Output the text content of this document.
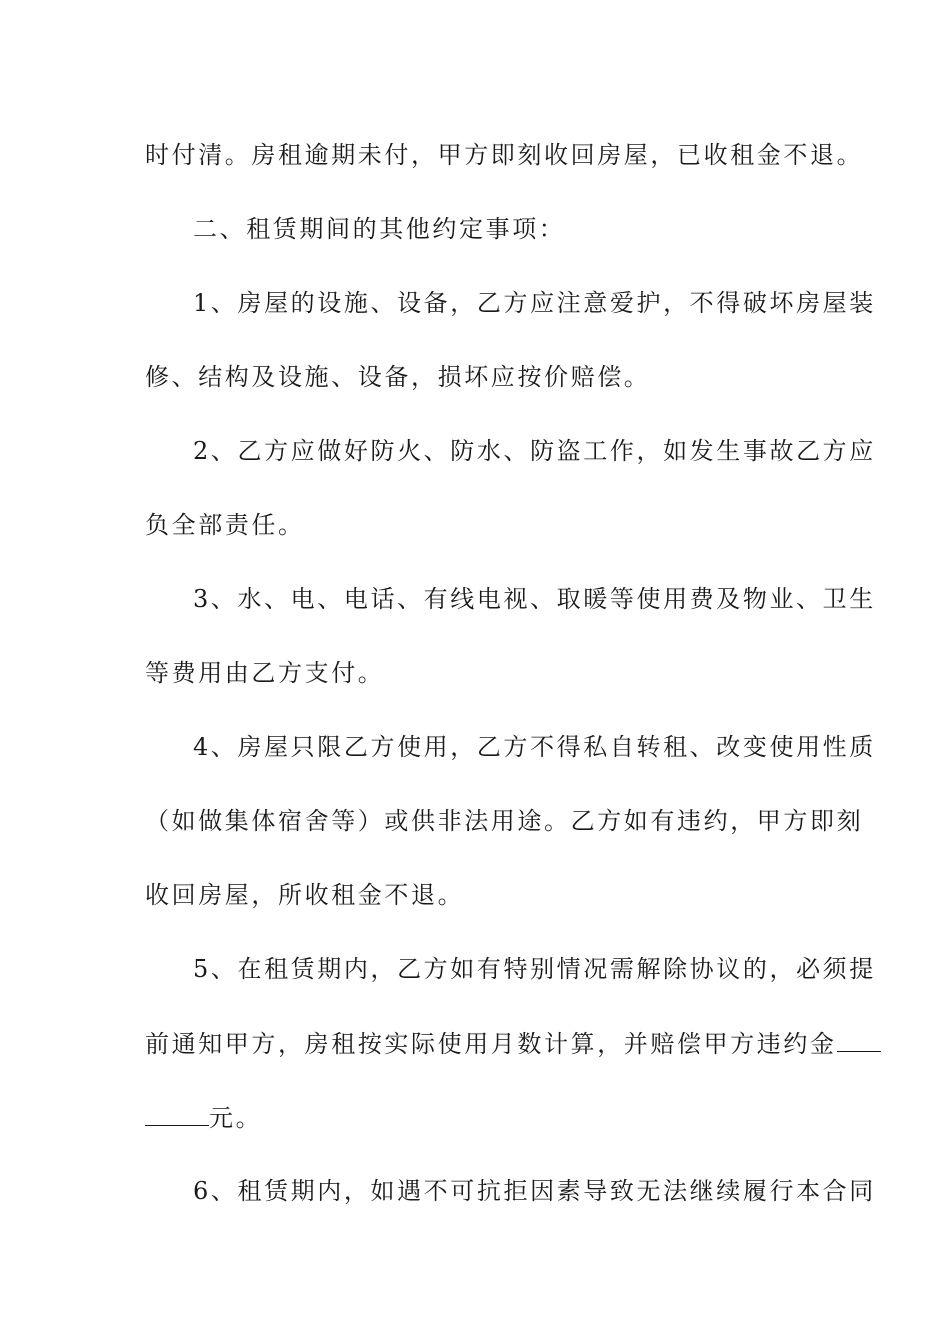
时付清。房租逾期未付，甲方即刻收回房屋，已收租金不退。
二、租赁期间的其他约定事项：
1、房屋的设施、设备，乙方应注意爱护，不得破坏房屋装
修、结构及设施、设备，损坏应按价赔偿。
2、乙方应做好防火、防水、防盗工作，如发生事故乙方应
负全部责任。
3、水、电、电话、有线电视、取暖等使用费及物业、卫生
等费用由乙方支付。
4、房屋只限乙方使用，乙方不得私自转租、改变使用性质
（如做集体宿舍等）或供非法用途。乙方如有违约，甲方即刻
收回房屋，所收租金不退。
5、在租赁期内，乙方如有特别情况需解除协议的，必须提
前通知甲方，房租按实际使用月数计算，并赔偿甲方违约金
元。
6、租赁期内，如遇不可抗拒因素导致无法继续履行本合同
